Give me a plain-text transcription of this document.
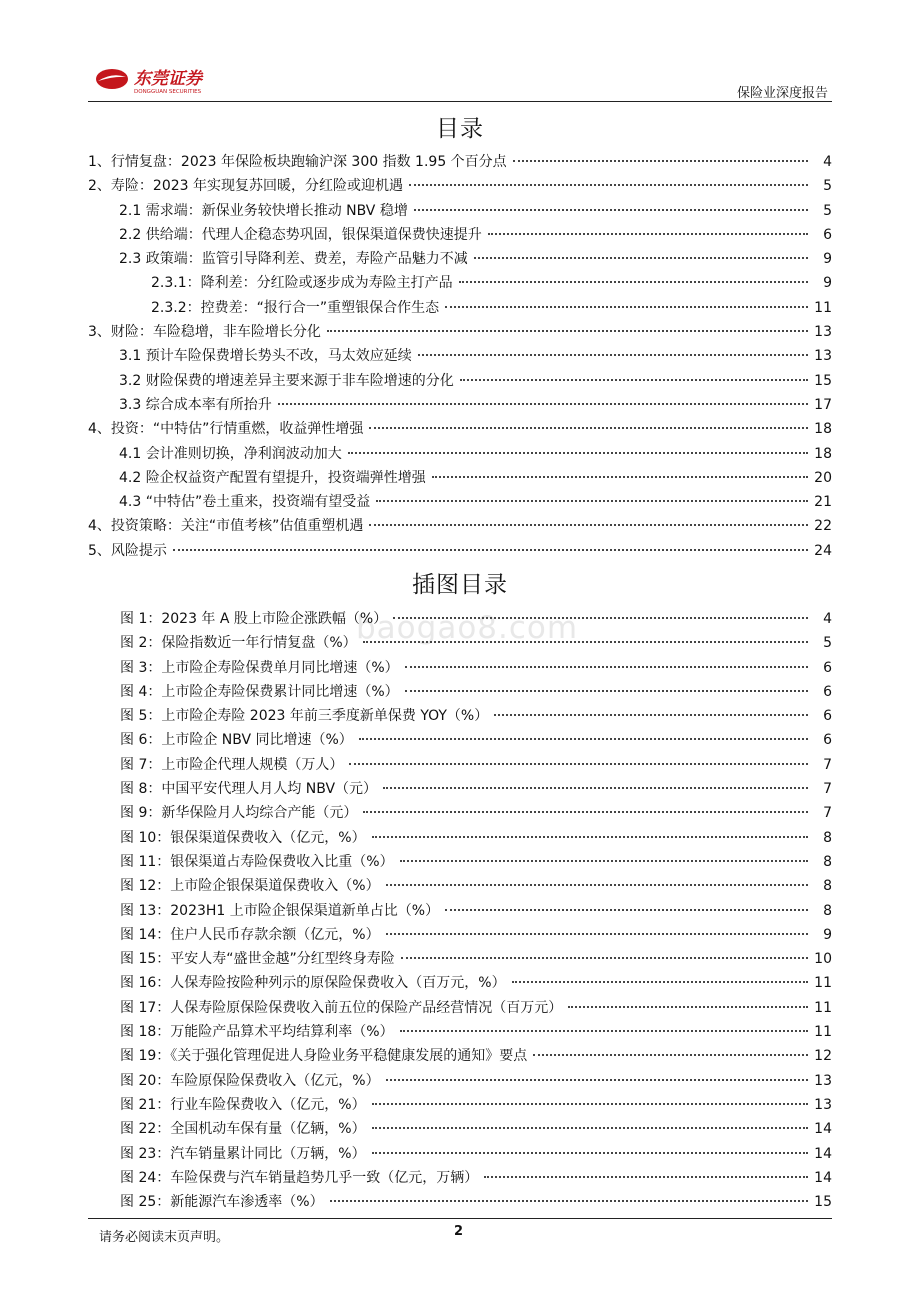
东莞证券
DONGGUAN SECURITIES	保险业深度报告
目录
1、行情复盘：2023 年保险板块跑输沪深 300 指数 1.95 个百分点	4
2、寿险：2023 年实现复苏回暖，分红险或迎机遇	5
2.1 需求端：新保业务较快增长推动 NBV 稳增	5
2.2 供给端：代理人企稳态势巩固，银保渠道保费快速提升	6
2.3 政策端：监管引导降利差、费差，寿险产品魅力不减	9
2.3.1：降利差：分红险或逐步成为寿险主打产品	9
2.3.2：控费差：“报行合一”重塑银保合作生态	11
3、财险：车险稳增，非车险增长分化	13
3.1 预计车险保费增长势头不改，马太效应延续	13
3.2 财险保费的增速差异主要来源于非车险增速的分化	15
3.3 综合成本率有所抬升	17
4、投资：“中特估”行情重燃，收益弹性增强	18
4.1 会计准则切换，净利润波动加大	18
4.2 险企权益资产配置有望提升，投资端弹性增强	20
4.3 “中特估”卷土重来，投资端有望受益	21
4、投资策略：关注“市值考核”估值重塑机遇	22
5、风险提示	24
baogao8.com
插图目录
图 1：2023 年 A 股上市险企涨跌幅（%）	4
图 2：保险指数近一年行情复盘（%）	5
图 3：上市险企寿险保费单月同比增速（%）	6
图 4：上市险企寿险保费累计同比增速（%）	6
图 5：上市险企寿险 2023 年前三季度新单保费 YOY（%）	6
图 6：上市险企 NBV 同比增速（%）	6
图 7：上市险企代理人规模（万人）	7
图 8：中国平安代理人月人均 NBV（元）	7
图 9：新华保险月人均综合产能（元）	7
图 10：银保渠道保费收入（亿元，%）	8
图 11：银保渠道占寿险保费收入比重（%）	8
图 12：上市险企银保渠道保费收入（%）	8
图 13：2023H1 上市险企银保渠道新单占比（%）	8
图 14：住户人民币存款余额（亿元，%）	9
图 15：平安人寿“盛世金越”分红型终身寿险	10
图 16：人保寿险按险种列示的原保险保费收入（百万元，%）	11
图 17：人保寿险原保险保费收入前五位的保险产品经营情况（百万元）	11
图 18：万能险产品算术平均结算利率（%）	11
图 19：《关于强化管理促进人身险业务平稳健康发展的通知》要点	12
图 20：车险原保险保费收入（亿元，%）	13
图 21：行业车险保费收入（亿元，%）	13
图 22：全国机动车保有量（亿辆，%）	14
图 23：汽车销量累计同比（万辆，%）	14
图 24：车险保费与汽车销量趋势几乎一致（亿元，万辆）	14
图 25：新能源汽车渗透率（%）	15
请务必阅读末页声明。	2
